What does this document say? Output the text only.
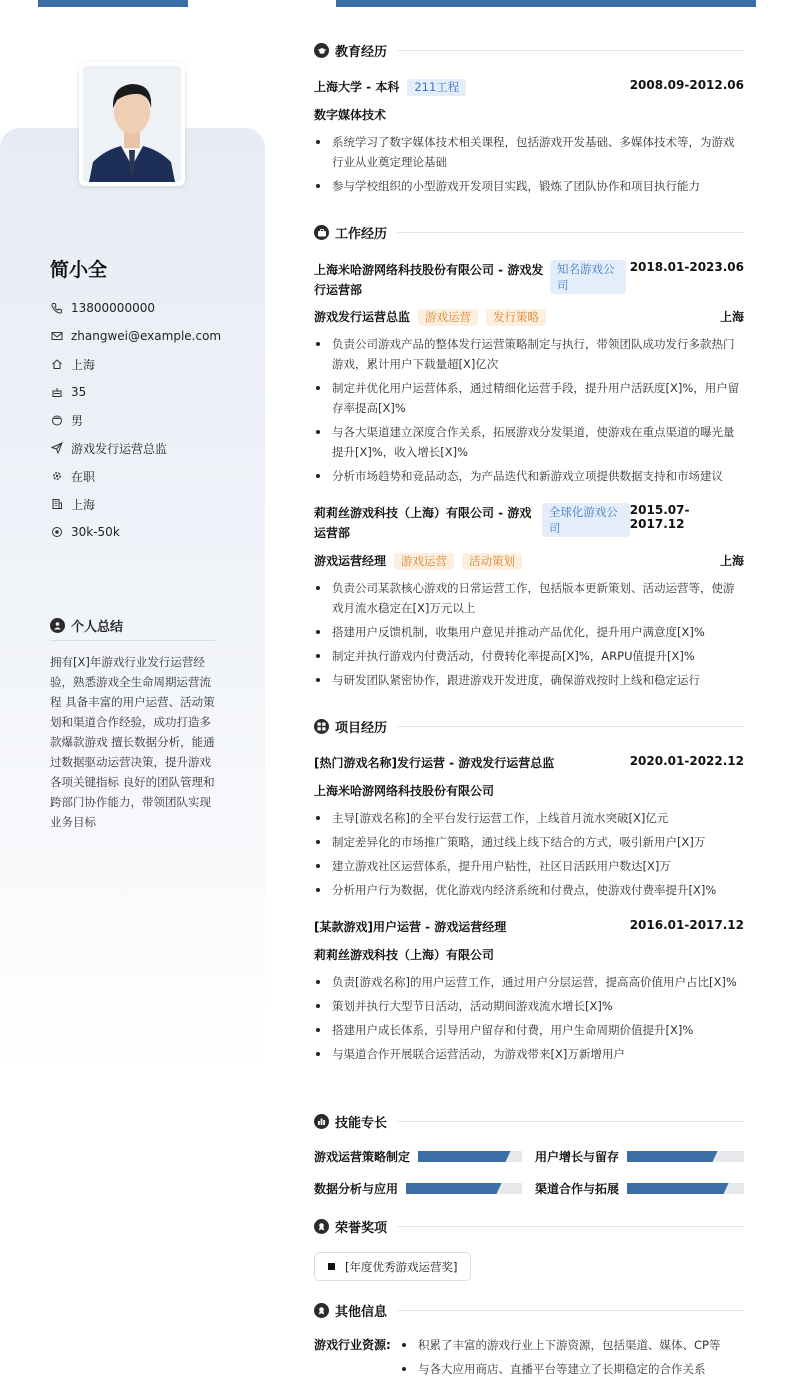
简小全
13800000000
zhangwei@example.com
上海
35
男
游戏发行运营总监
在职
上海
30k-50k
个人总结
拥有[X]年游戏行业发行运营经验，熟悉游戏全生命周期运营流程 具备丰富的用户运营、活动策划和渠道合作经验，成功打造多款爆款游戏 擅长数据分析，能通过数据驱动运营决策，提升游戏各项关键指标 良好的团队管理和跨部门协作能力，带领团队实现业务目标
教育经历
上海大学 - 本科 211工程	2008.09-2012.06
数字媒体技术
系统学习了数字媒体技术相关课程，包括游戏开发基础、多媒体技术等，为游戏行业从业奠定理论基础
参与学校组织的小型游戏开发项目实践，锻炼了团队协作和项目执行能力
工作经历
上海米哈游网络科技股份有限公司 - 游戏发行运营部
知名游戏公司
2018.01-2023.06
游戏发行运营总监 游戏运营 发行策略	上海
负责公司游戏产品的整体发行运营策略制定与执行，带领团队成功发行多款热门游戏，累计用户下载量超[X]亿次
制定并优化用户运营体系，通过精细化运营手段，提升用户活跃度[X]%，用户留存率提高[X]%
与各大渠道建立深度合作关系，拓展游戏分发渠道，使游戏在重点渠道的曝光量提升[X]%，收入增长[X]%
分析市场趋势和竞品动态，为产品迭代和新游戏立项提供数据支持和市场建议
莉莉丝游戏科技（上海）有限公司 - 游戏运营部
全球化游戏公司
2015.07-2017.12
游戏运营经理 游戏运营 活动策划	上海
负责公司某款核心游戏的日常运营工作，包括版本更新策划、活动运营等，使游戏月流水稳定在[X]万元以上
搭建用户反馈机制，收集用户意见并推动产品优化，提升用户满意度[X]%
制定并执行游戏内付费活动，付费转化率提高[X]%，ARPU值提升[X]%
与研发团队紧密协作，跟进游戏开发进度，确保游戏按时上线和稳定运行
项目经历
[热门游戏名称]发行运营 - 游戏发行运营总监	2020.01-2022.12
上海米哈游网络科技股份有限公司
主导[游戏名称]的全平台发行运营工作，上线首月流水突破[X]亿元
制定差异化的市场推广策略，通过线上线下结合的方式，吸引新用户[X]万
建立游戏社区运营体系，提升用户粘性，社区日活跃用户数达[X]万
分析用户行为数据，优化游戏内经济系统和付费点，使游戏付费率提升[X]%
[某款游戏]用户运营 - 游戏运营经理	2016.01-2017.12
莉莉丝游戏科技（上海）有限公司
负责[游戏名称]的用户运营工作，通过用户分层运营，提高高价值用户占比[X]%
策划并执行大型节日活动，活动期间游戏流水增长[X]%
搭建用户成长体系，引导用户留存和付费，用户生命周期价值提升[X]%
与渠道合作开展联合运营活动，为游戏带来[X]万新增用户
技能专长
游戏运营策略制定	用户增长与留存
数据分析与应用	渠道合作与拓展
荣誉奖项
[年度优秀游戏运营奖]
其他信息
游戏行业资源:	积累了丰富的游戏行业上下游资源，包括渠道、媒体、CP等
与各大应用商店、直播平台等建立了长期稳定的合作关系
